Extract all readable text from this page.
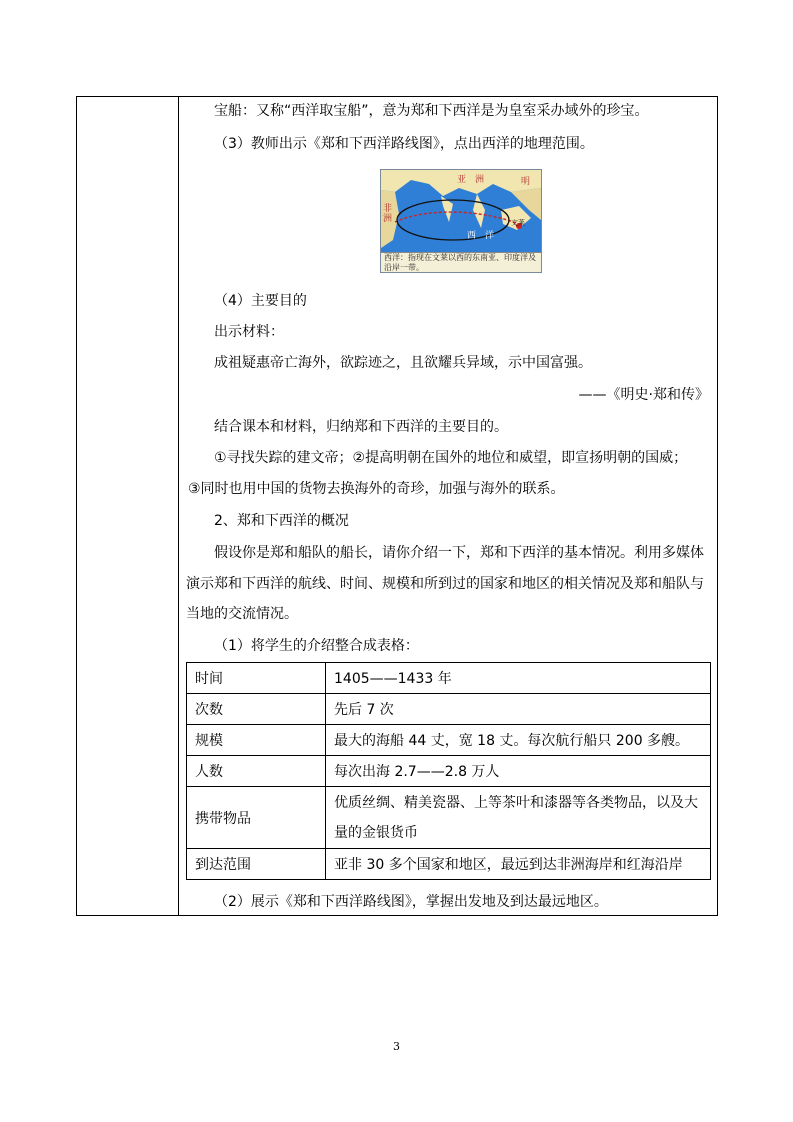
宝船：又称“西洋取宝船”，意为郑和下西洋是为皇室采办域外的珍宝。
（3）教师出示《郑和下西洋路线图》，点出西洋的地理范围。
亚　洲	明
非洲
西　洋
文莱
西洋：指现在文莱以西的东南亚、印度洋及沿岸一带。
（4）主要目的
出示材料：
成祖疑惠帝亡海外，欲踪迹之，且欲耀兵异域，示中国富强。
——《明史·郑和传》
结合课本和材料，归纳郑和下西洋的主要目的。
①寻找失踪的建文帝；②提高明朝在国外的地位和威望，即宣扬明朝的国威；
③同时也用中国的货物去换海外的奇珍，加强与海外的联系。
2、郑和下西洋的概况
假设你是郑和船队的船长，请你介绍一下，郑和下西洋的基本情况。利用多媒体
演示郑和下西洋的航线、时间、规模和所到过的国家和地区的相关情况及郑和船队与
当地的交流情况。
（1）将学生的介绍整合成表格：
时间	1405——1433 年
次数	先后 7 次
规模	最大的海船 44 丈，宽 18 丈。每次航行船只 200 多艘。
人数	每次出海 2.7——2.8 万人
携带物品	优质丝绸、精美瓷器、上等茶叶和漆器等各类物品，以及大量的金银货币
到达范围	亚非 30 多个国家和地区，最远到达非洲海岸和红海沿岸
（2）展示《郑和下西洋路线图》，掌握出发地及到达最远地区。
3
